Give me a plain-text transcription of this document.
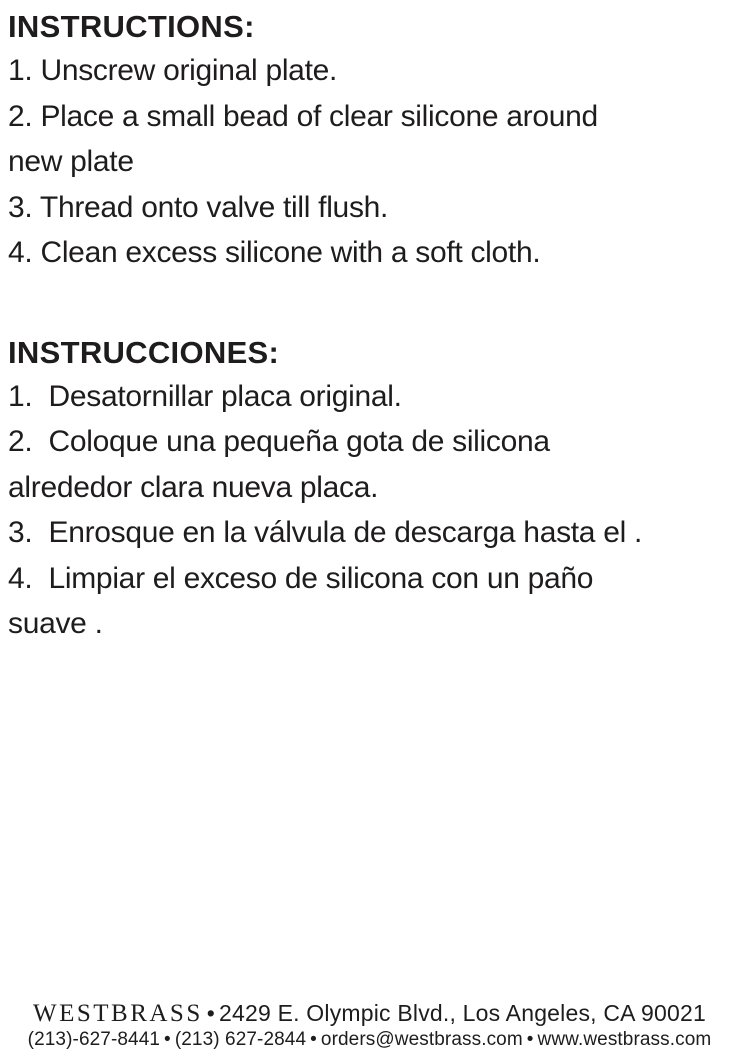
INSTRUCTIONS:
1. Unscrew original plate.
2. Place a small bead of clear silicone around
new plate
3. Thread onto valve till flush.
4. Clean excess silicone with a soft cloth.
INSTRUCCIONES:
1.  Desatornillar placa original.
2.  Coloque una pequeña gota de silicona
alrededor clara nueva placa.
3.  Enrosque en la válvula de descarga hasta el .
4.  Limpiar el exceso de silicona con un paño
suave .
WESTBRASS • 2429 E. Olympic Blvd., Los Angeles, CA 90021
(213)-627-8441 • (213) 627-2844 • orders@westbrass.com • www.westbrass.com
